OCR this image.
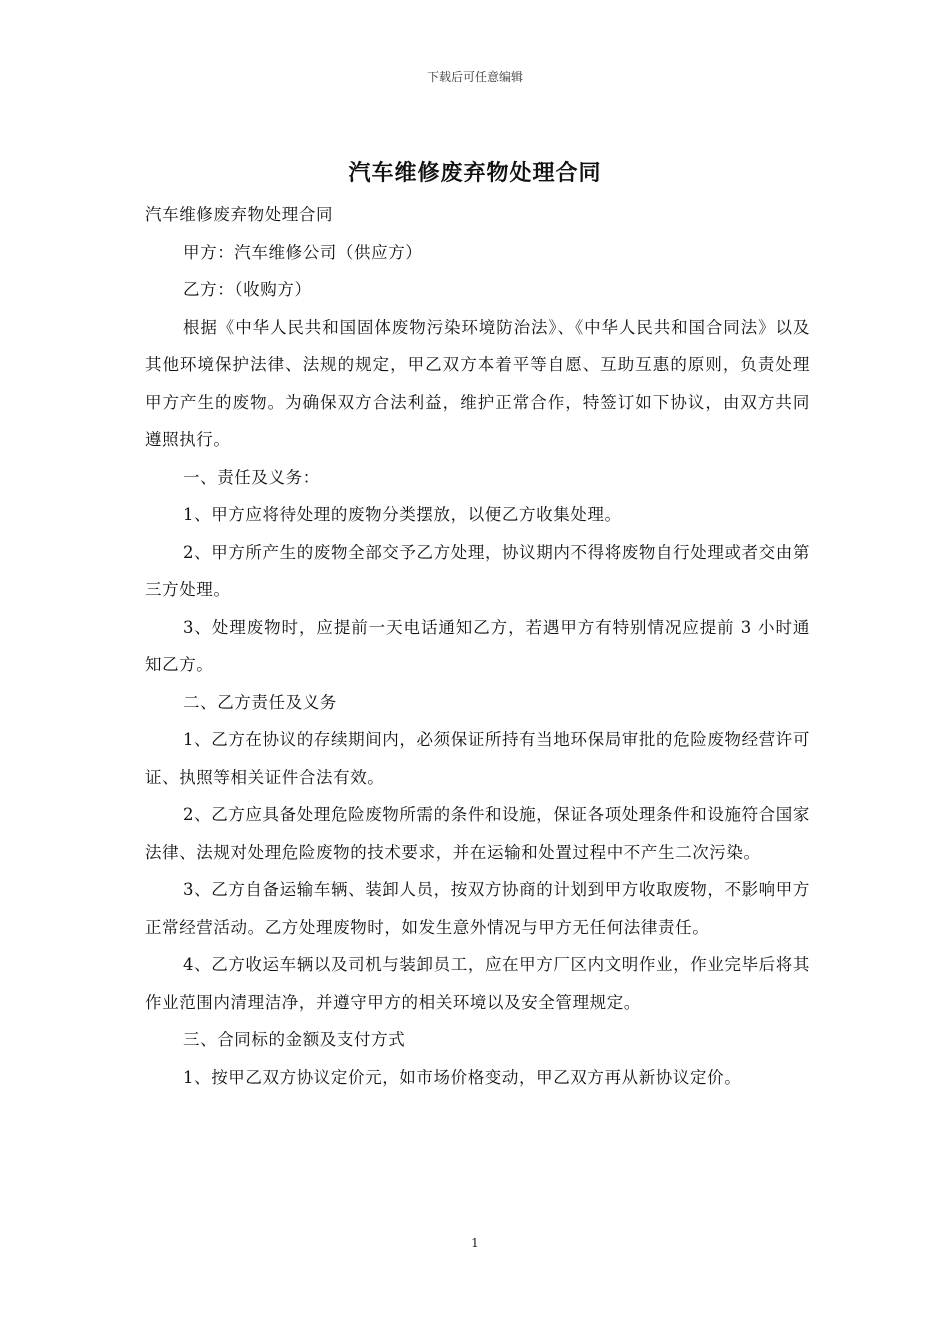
下载后可任意编辑
汽车维修废弃物处理合同

汽车维修废弃物处理合同

甲方：汽车维修公司（供应方）

乙方：（收购方）

根据《中华人民共和国固体废物污染环境防治法》、《中华人民共和国合同法》以及其他环境保护法律、法规的规定，甲乙双方本着平等自愿、互助互惠的原则，负责处理甲方产生的废物。为确保双方合法利益，维护正常合作，特签订如下协议，由双方共同遵照执行。

一、责任及义务：

1、甲方应将待处理的废物分类摆放，以便乙方收集处理。

2、甲方所产生的废物全部交予乙方处理，协议期内不得将废物自行处理或者交由第三方处理。

3、处理废物时，应提前一天电话通知乙方，若遇甲方有特别情况应提前 3 小时通知乙方。

二、乙方责任及义务

1、乙方在协议的存续期间内，必须保证所持有当地环保局审批的危险废物经营许可证、执照等相关证件合法有效。

2、乙方应具备处理危险废物所需的条件和设施，保证各项处理条件和设施符合国家法律、法规对处理危险废物的技术要求，并在运输和处置过程中不产生二次污染。

3、乙方自备运输车辆、装卸人员，按双方协商的计划到甲方收取废物，不影响甲方正常经营活动。乙方处理废物时，如发生意外情况与甲方无任何法律责任。

4、乙方收运车辆以及司机与装卸员工，应在甲方厂区内文明作业，作业完毕后将其作业范围内清理洁净，并遵守甲方的相关环境以及安全管理规定。

三、合同标的金额及支付方式

1、按甲乙双方协议定价元，如市场价格变动，甲乙双方再从新协议定价。

1
